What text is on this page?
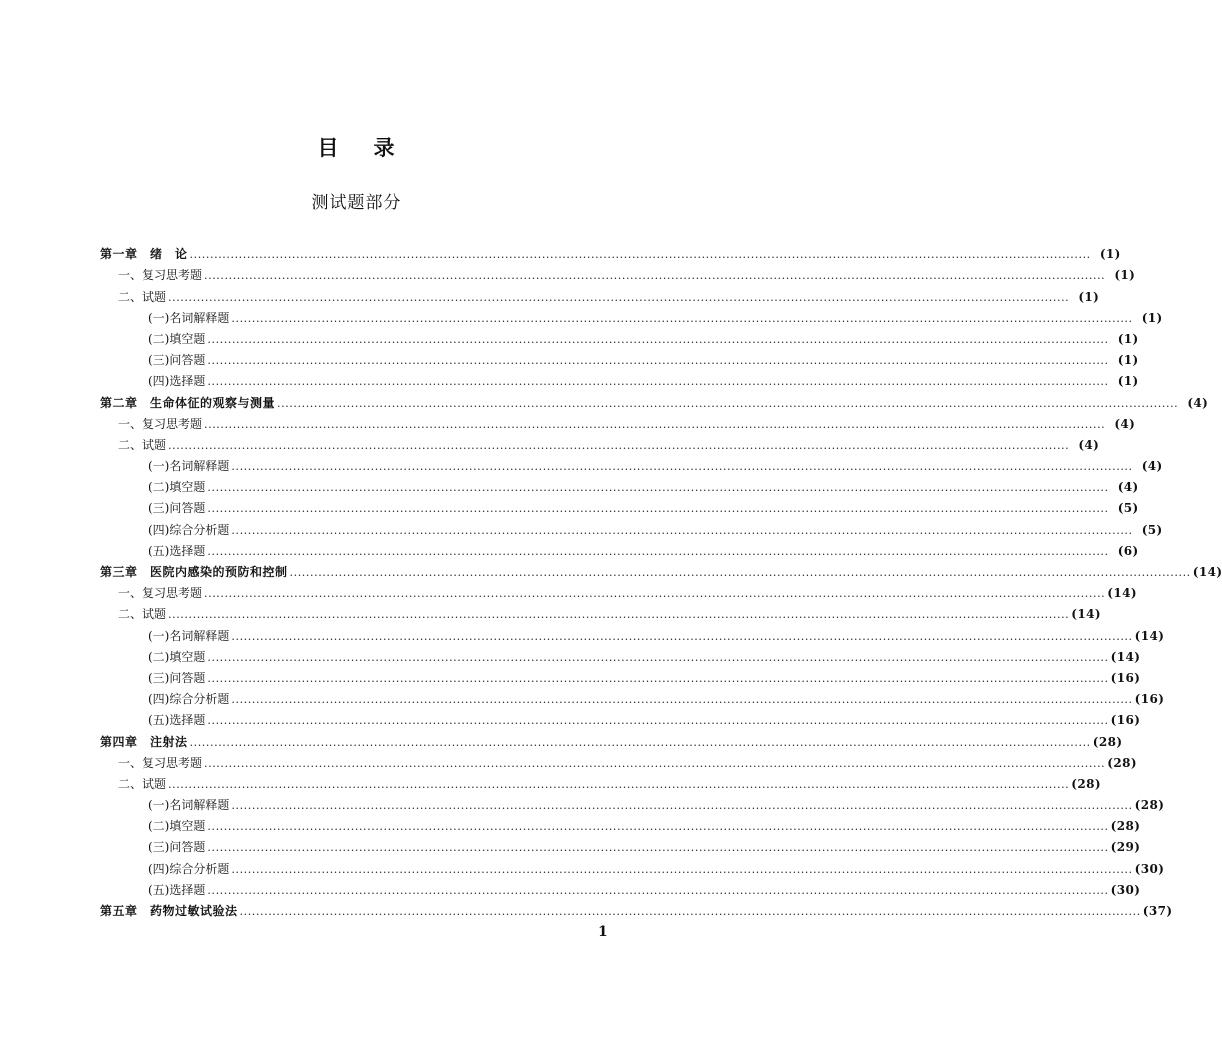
目 录
测试题部分
第一章　绪　论 ............................................................................................................................................................................................................................ (1)
一、复习思考题 ............................................................................................................................................................................................................................ (1)
二、试题 ............................................................................................................................................................................................................................ (1)
(一)名词解释题 ............................................................................................................................................................................................................................ (1)
(二)填空题 ............................................................................................................................................................................................................................ (1)
(三)问答题 ............................................................................................................................................................................................................................ (1)
(四)选择题 ............................................................................................................................................................................................................................ (1)
第二章　生命体征的观察与测量 ............................................................................................................................................................................................................................ (4)
一、复习思考题 ............................................................................................................................................................................................................................ (4)
二、试题 ............................................................................................................................................................................................................................ (4)
(一)名词解释题 ............................................................................................................................................................................................................................ (4)
(二)填空题 ............................................................................................................................................................................................................................ (4)
(三)问答题 ............................................................................................................................................................................................................................ (5)
(四)综合分析题 ............................................................................................................................................................................................................................ (5)
(五)选择题 ............................................................................................................................................................................................................................ (6)
第三章　医院内感染的预防和控制 ............................................................................................................................................................................................................................ (14)
一、复习思考题 ............................................................................................................................................................................................................................ (14)
二、试题 ............................................................................................................................................................................................................................ (14)
(一)名词解释题 ............................................................................................................................................................................................................................ (14)
(二)填空题 ............................................................................................................................................................................................................................ (14)
(三)问答题 ............................................................................................................................................................................................................................ (16)
(四)综合分析题 ............................................................................................................................................................................................................................ (16)
(五)选择题 ............................................................................................................................................................................................................................ (16)
第四章　注射法 ............................................................................................................................................................................................................................ (28)
一、复习思考题 ............................................................................................................................................................................................................................ (28)
二、试题 ............................................................................................................................................................................................................................ (28)
(一)名词解释题 ............................................................................................................................................................................................................................ (28)
(二)填空题 ............................................................................................................................................................................................................................ (28)
(三)问答题 ............................................................................................................................................................................................................................ (29)
(四)综合分析题 ............................................................................................................................................................................................................................ (30)
(五)选择题 ............................................................................................................................................................................................................................ (30)
第五章　药物过敏试验法 ............................................................................................................................................................................................................................ (37)
1
